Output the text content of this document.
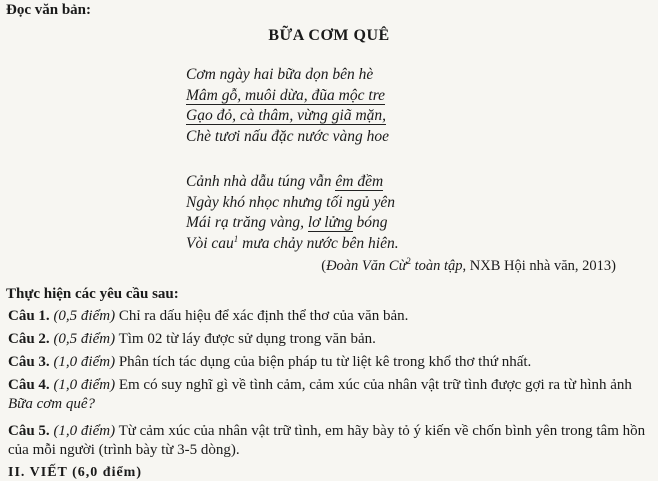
Đọc văn bản:
BỮA CƠM QUÊ
Cơm ngày hai bữa dọn bên hè
Mâm gỗ, muôi dừa, đũa mộc tre
Gạo đỏ, cà thâm, vừng giã mặn,
Chè tươi nấu đặc nước vàng hoe
Cảnh nhà dẫu túng vẫn êm đềm
Ngày khó nhọc nhưng tối ngủ yên
Mái rạ trăng vàng, lơ lửng bóng
Vòi cau$^1$ mưa chảy nước bên hiên.
(Đoàn Văn Cừ$^2$ toàn tập, NXB Hội nhà văn, 2013)
Thực hiện các yêu cầu sau:
Câu 1. (0,5 điểm) Chỉ ra dấu hiệu để xác định thể thơ của văn bản.
Câu 2. (0,5 điểm) Tìm 02 từ láy được sử dụng trong văn bản.
Câu 3. (1,0 điểm) Phân tích tác dụng của biện pháp tu từ liệt kê trong khổ thơ thứ nhất.
Câu 4. (1,0 điểm) Em có suy nghĩ gì về tình cảm, cảm xúc của nhân vật trữ tình được gợi ra từ hình ảnh Bữa cơm quê?
Câu 5. (1,0 điểm) Từ cảm xúc của nhân vật trữ tình, em hãy bày tỏ ý kiến về chốn bình yên trong tâm hồn của mỗi người (trình bày từ 3-5 dòng).
II. VIẾT (6,0 điểm)
